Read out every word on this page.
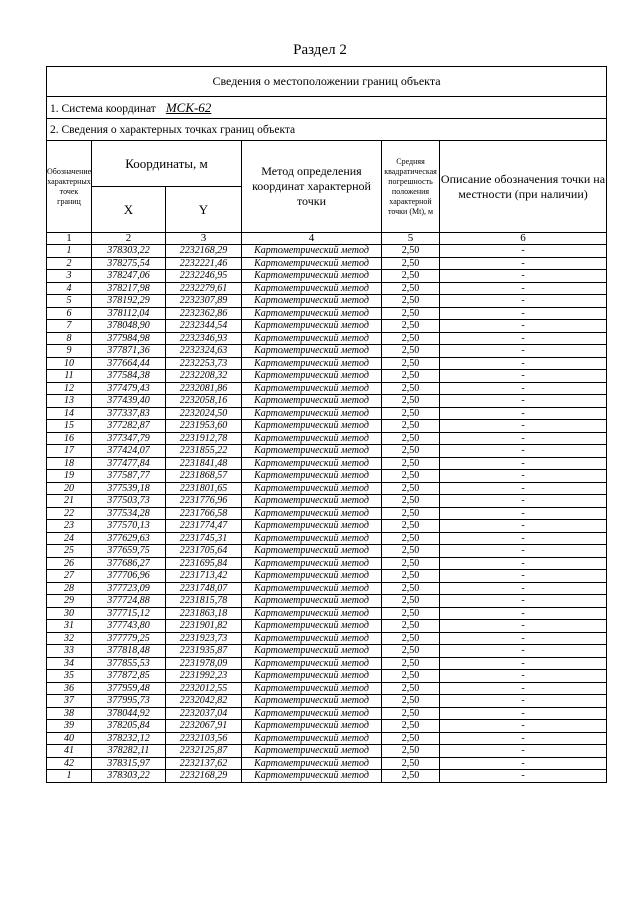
Раздел 2
Сведения о местоположении границ объекта					
1. Система координат МСК-62					
2. Сведения о характерных точках границ объекта					
Обозначение характерных точек границ	Координаты, м		Метод определения координат характерной точки	Средняя квадратическая погрешность положения характерной точки (Mt), м	Описание обозначения точки на местности (при наличии)
	X	Y			
1	2	3	4	5	6
1	378303,22	2232168,29	Картометрический метод	2,50	-
2	378275,54	2232221,46	Картометрический метод	2,50	-
3	378247,06	2232246,95	Картометрический метод	2,50	-
4	378217,98	2232279,61	Картометрический метод	2,50	-
5	378192,29	2232307,89	Картометрический метод	2,50	-
6	378112,04	2232362,86	Картометрический метод	2,50	-
7	378048,90	2232344,54	Картометрический метод	2,50	-
8	377984,98	2232346,93	Картометрический метод	2,50	-
9	377871,36	2232324,63	Картометрический метод	2,50	-
10	377664,44	2232253,73	Картометрический метод	2,50	-
11	377584,38	2232208,32	Картометрический метод	2,50	-
12	377479,43	2232081,86	Картометрический метод	2,50	-
13	377439,40	2232058,16	Картометрический метод	2,50	-
14	377337,83	2232024,50	Картометрический метод	2,50	-
15	377282,87	2231953,60	Картометрический метод	2,50	-
16	377347,79	2231912,78	Картометрический метод	2,50	-
17	377424,07	2231855,22	Картометрический метод	2,50	-
18	377477,84	2231841,48	Картометрический метод	2,50	-
19	377587,77	2231868,57	Картометрический метод	2,50	-
20	377539,18	2231801,65	Картометрический метод	2,50	-
21	377503,73	2231776,96	Картометрический метод	2,50	-
22	377534,28	2231766,58	Картометрический метод	2,50	-
23	377570,13	2231774,47	Картометрический метод	2,50	-
24	377629,63	2231745,31	Картометрический метод	2,50	-
25	377659,75	2231705,64	Картометрический метод	2,50	-
26	377686,27	2231695,84	Картометрический метод	2,50	-
27	377706,96	2231713,42	Картометрический метод	2,50	-
28	377723,09	2231748,07	Картометрический метод	2,50	-
29	377724,88	2231815,78	Картометрический метод	2,50	-
30	377715,12	2231863,18	Картометрический метод	2,50	-
31	377743,80	2231901,82	Картометрический метод	2,50	-
32	377779,25	2231923,73	Картометрический метод	2,50	-
33	377818,48	2231935,87	Картометрический метод	2,50	-
34	377855,53	2231978,09	Картометрический метод	2,50	-
35	377872,85	2231992,23	Картометрический метод	2,50	-
36	377959,48	2232012,55	Картометрический метод	2,50	-
37	377995,73	2232042,82	Картометрический метод	2,50	-
38	378044,92	2232037,04	Картометрический метод	2,50	-
39	378205,84	2232067,91	Картометрический метод	2,50	-
40	378232,12	2232103,56	Картометрический метод	2,50	-
41	378282,11	2232125,87	Картометрический метод	2,50	-
42	378315,97	2232137,62	Картометрический метод	2,50	-
1	378303,22	2232168,29	Картометрический метод	2,50	-
